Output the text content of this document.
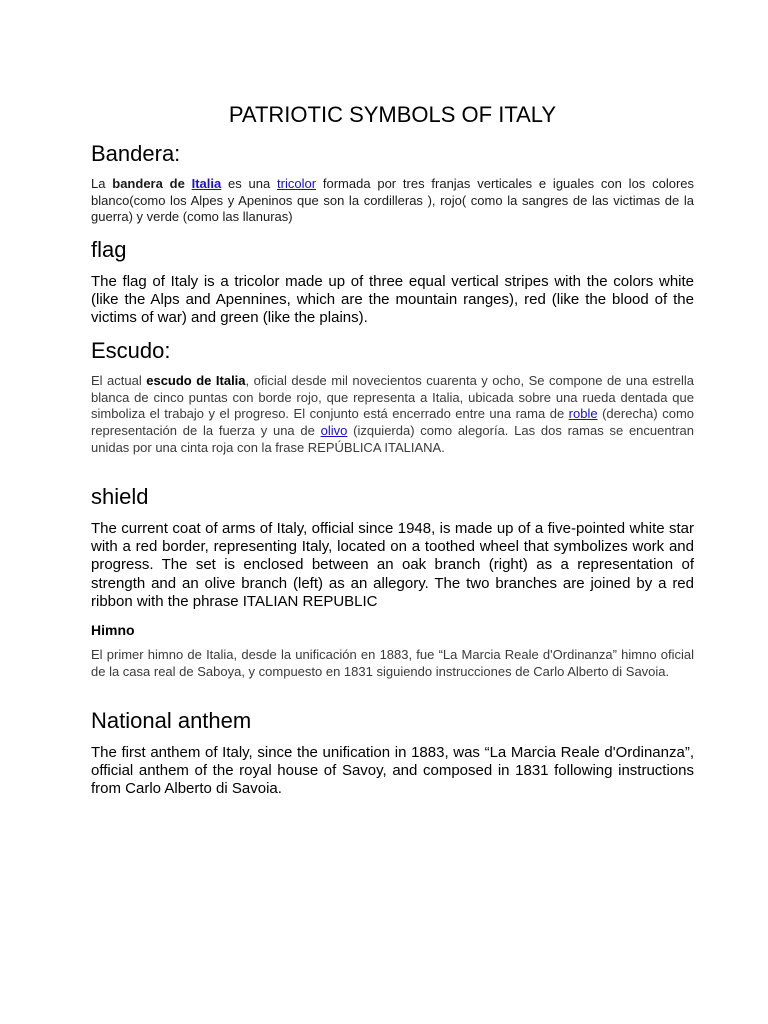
PATRIOTIC SYMBOLS OF ITALY
Bandera:
La bandera de Italia es una tricolor formada por tres franjas verticales e iguales con los colores blanco(como los Alpes y Apeninos que son la cordilleras ), rojo( como la sangres de las victimas de la guerra) y verde (como las llanuras)
flag
The flag of Italy is a tricolor made up of three equal vertical stripes with the colors white (like the Alps and Apennines, which are the mountain ranges), red (like the blood of the victims of war) and green (like the plains).
Escudo:
El actual escudo de Italia, oficial desde mil novecientos cuarenta y ocho, Se compone de una estrella blanca de cinco puntas con borde rojo, que representa a Italia, ubicada sobre una rueda dentada que simboliza el trabajo y el progreso. El conjunto está encerrado entre una rama de roble (derecha) como representación de la fuerza y una de olivo (izquierda) como alegoría. Las dos ramas se encuentran unidas por una cinta roja con la frase REPÚBLICA ITALIANA.
shield
The current coat of arms of Italy, official since 1948, is made up of a five-pointed white star with a red border, representing Italy, located on a toothed wheel that symbolizes work and progress. The set is enclosed between an oak branch (right) as a representation of strength and an olive branch (left) as an allegory. The two branches are joined by a red ribbon with the phrase ITALIAN REPUBLIC
Himno
El primer himno de Italia, desde la unificación en 1883, fue “La Marcia Reale d'Ordinanza” himno oficial de la casa real de Saboya, y compuesto en 1831 siguiendo instrucciones de Carlo Alberto di Savoia.
National anthem
The first anthem of Italy, since the unification in 1883, was “La Marcia Reale d'Ordinanza”, official anthem of the royal house of Savoy, and composed in 1831 following instructions from Carlo Alberto di Savoia.
